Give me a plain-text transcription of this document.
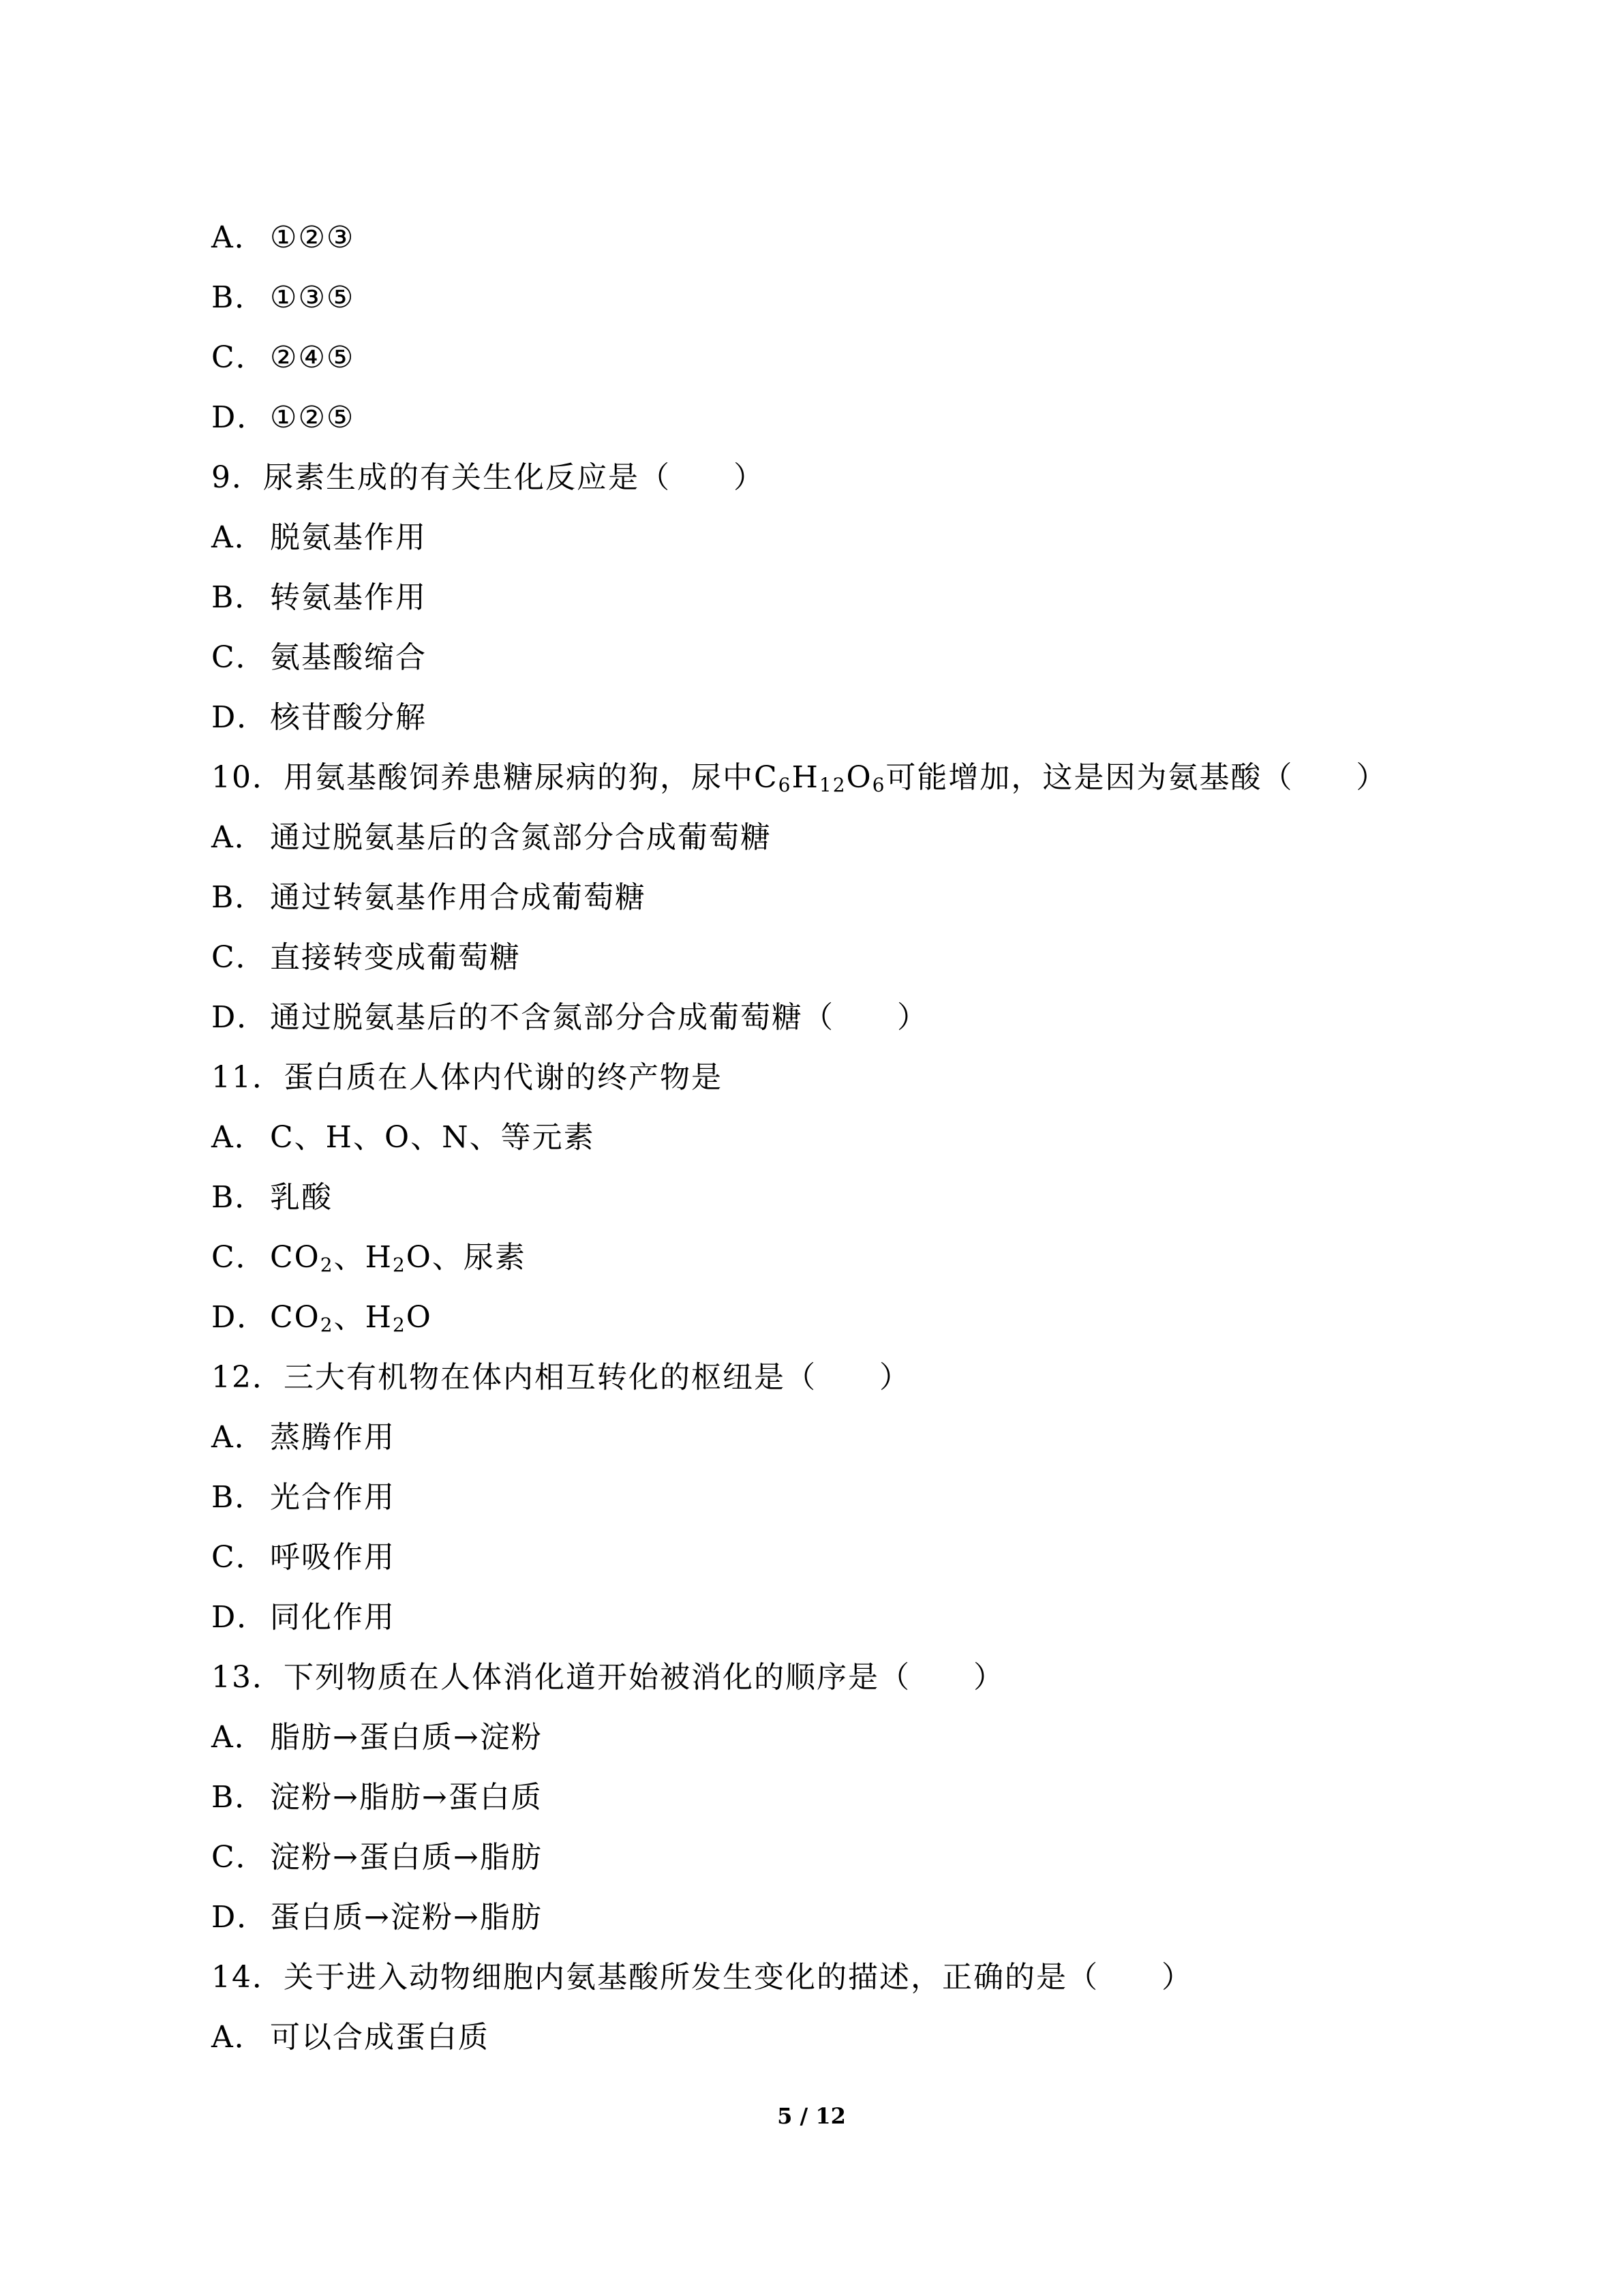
A． ①②③
B． ①③⑤
C．②④⑤
D．①②⑤
9．尿素生成的有关生化反应是（　　）
A． 脱氨基作用
B． 转氨基作用
C．氨基酸缩合
D．核苷酸分解
10．用氨基酸饲养患糖尿病的狗，尿中$C_6H_{12}O_6$可能增加，这是因为氨基酸（　　）
A． 通过脱氨基后的含氮部分合成葡萄糖
B． 通过转氨基作用合成葡萄糖
C．直接转变成葡萄糖
D．通过脱氨基后的不含氮部分合成葡萄糖（　　）
11．蛋白质在人体内代谢的终产物是
A． C、H、O、N、等元素
B． 乳酸
C．$CO_2$、$H_2O$、尿素
D．$CO_2$、$H_2O$
12．三大有机物在体内相互转化的枢纽是（　　）
A． 蒸腾作用
B． 光合作用
C．呼吸作用
D．同化作用
13．下列物质在人体消化道开始被消化的顺序是（　　）
A． 脂肪→蛋白质→淀粉
B． 淀粉→脂肪→蛋白质
C．淀粉→蛋白质→脂肪
D．蛋白质→淀粉→脂肪
14．关于进入动物细胞内氨基酸所发生变化的描述，正确的是（　　）
A． 可以合成蛋白质
5 / 12
